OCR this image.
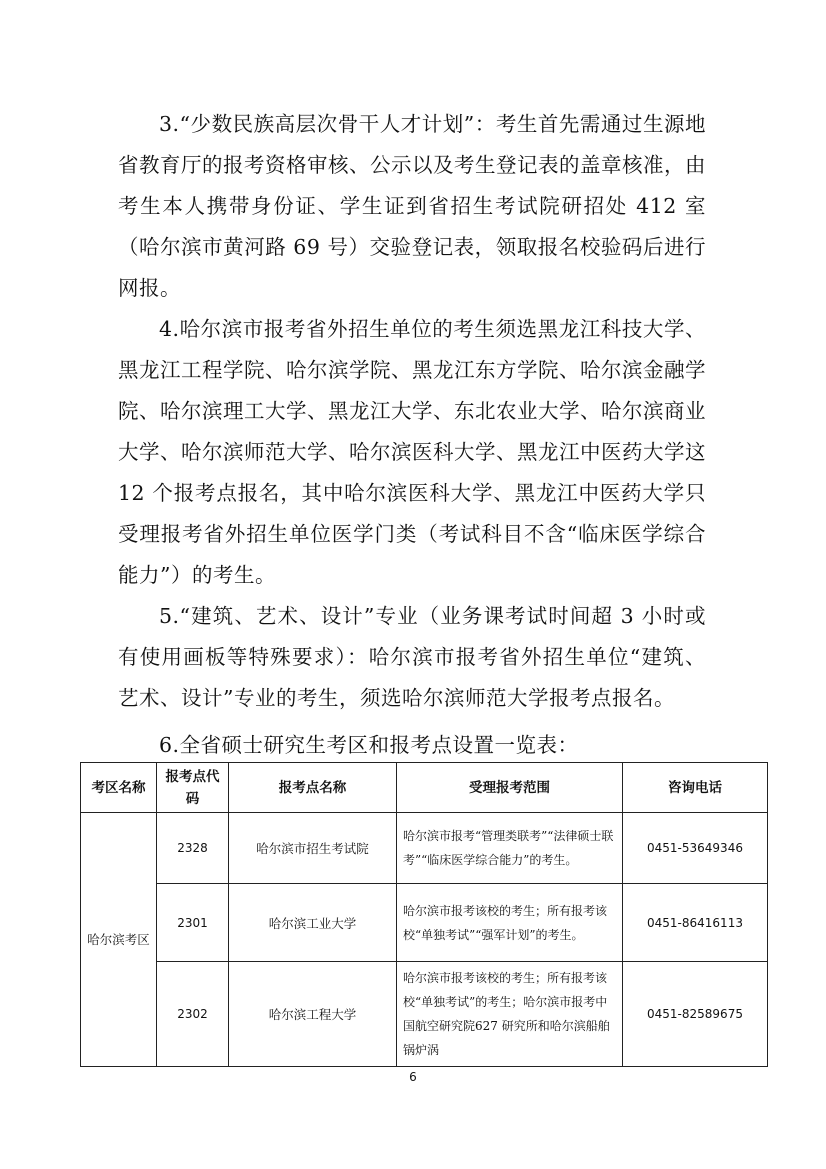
3.“少数民族高层次骨干人才计划”：考生首先需通过生源地省教育厅的报考资格审核、公示以及考生登记表的盖章核准，由考生本人携带身份证、学生证到省招生考试院研招处 412 室（哈尔滨市黄河路 69 号）交验登记表，领取报名校验码后进行网报。

4.哈尔滨市报考省外招生单位的考生须选黑龙江科技大学、黑龙江工程学院、哈尔滨学院、黑龙江东方学院、哈尔滨金融学院、哈尔滨理工大学、黑龙江大学、东北农业大学、哈尔滨商业大学、哈尔滨师范大学、哈尔滨医科大学、黑龙江中医药大学这 12 个报考点报名，其中哈尔滨医科大学、黑龙江中医药大学只受理报考省外招生单位医学门类（考试科目不含“临床医学综合能力”）的考生。

5.“建筑、艺术、设计”专业（业务课考试时间超 3 小时或有使用画板等特殊要求）：哈尔滨市报考省外招生单位“建筑、艺术、设计”专业的考生，须选哈尔滨师范大学报考点报名。

6.全省硕士研究生考区和报考点设置一览表：

考区名称	报考点代码	报考点名称	受理报考范围	咨询电话
哈尔滨考区	2328	哈尔滨市招生考试院	哈尔滨市报考“管理类联考”“法律硕士联考”“临床医学综合能力”的考生。	0451-53649346
	2301	哈尔滨工业大学	哈尔滨市报考该校的考生；所有报考该校“单独考试”“强军计划”的考生。	0451-86416113
	2302	哈尔滨工程大学	哈尔滨市报考该校的考生；所有报考该校“单独考试”的考生；哈尔滨市报考中国航空研究院627 研究所和哈尔滨船舶锅炉涡	0451-82589675
6
